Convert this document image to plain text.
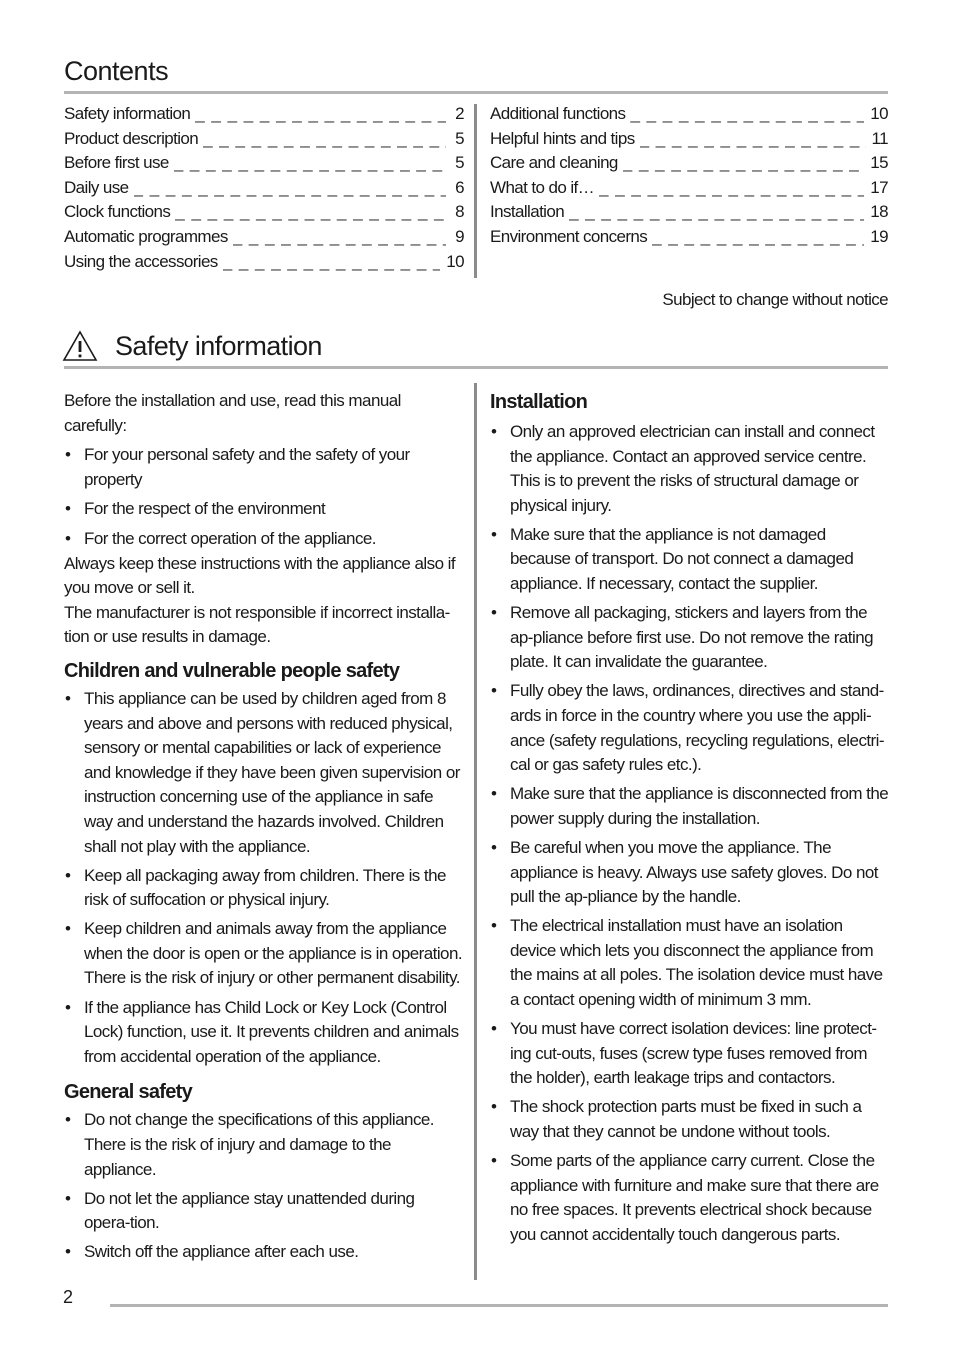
Contents
Safety information _ _ _	2
Product description _ _ _	5
Before first use _ _ _	5
Daily use _ _ _	6
Clock functions _ _ _	8
Automatic programmes _ _ _	9
Using the accessories _ _ _	10
Additional functions _ _ _	10
Helpful hints and tips _ _ _	11
Care and cleaning _ _ _	15
What to do if… _ _ _	17
Installation _ _ _	18
Environment concerns _ _ _	19
Subject to change without notice
Safety information

Before the installation and use, read this manual carefully:

• For your personal safety and the safety of your property
• For the respect of the environment
• For the correct operation of the appliance.

Always keep these instructions with the appliance also if you move or sell it.

The manufacturer is not responsible if incorrect installa-tion or use results in damage.

Children and vulnerable people safety
• This appliance can be used by children aged from 8 years and above and persons with reduced physical, sensory or mental capabilities or lack of experience and knowledge if they have been given supervision or instruction concerning use of the appliance in safe way and understand the hazards involved. Children shall not play with the appliance.
• Keep all packaging away from children. There is the risk of suffocation or physical injury.
• Keep children and animals away from the appliance when the door is open or the appliance is in operation. There is the risk of injury or other permanent disability.
• If the appliance has Child Lock or Key Lock (Control Lock) function, use it. It prevents children and animals from accidental operation of the appliance.
General safety
• Do not change the specifications of this appliance. There is the risk of injury and damage to the appliance.
• Do not let the appliance stay unattended during opera-tion.
• Switch off the appliance after each use.
Installation
• Only an approved electrician can install and connect the appliance. Contact an approved service centre. This is to prevent the risks of structural damage or physical injury.
• Make sure that the appliance is not damaged because of transport. Do not connect a damaged appliance. If necessary, contact the supplier.
• Remove all packaging, stickers and layers from the ap-pliance before first use. Do not remove the rating plate. It can invalidate the guarantee.
• Fully obey the laws, ordinances, directives and stand-ards in force in the country where you use the appli-ance (safety regulations, recycling regulations, electri-cal or gas safety rules etc.).
• Make sure that the appliance is disconnected from the power supply during the installation.
• Be careful when you move the appliance. The appliance is heavy. Always use safety gloves. Do not pull the ap-pliance by the handle.
• The electrical installation must have an isolation device which lets you disconnect the appliance from the mains at all poles. The isolation device must have a contact opening width of minimum 3 mm.
• You must have correct isolation devices: line protect-ing cut-outs, fuses (screw type fuses removed from the holder), earth leakage trips and contactors.
• The shock protection parts must be fixed in such a way that they cannot be undone without tools.
• Some parts of the appliance carry current. Close the appliance with furniture and make sure that there are no free spaces. It prevents electrical shock because you cannot accidentally touch dangerous parts.
2
